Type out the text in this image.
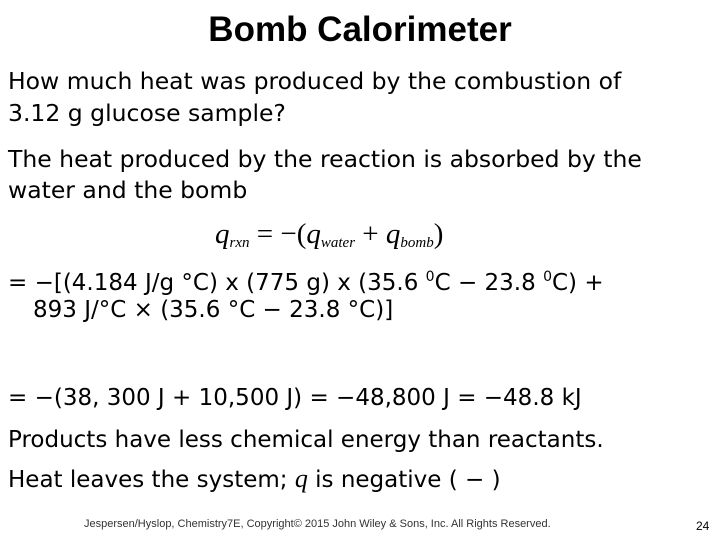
Bomb Calorimeter
How much heat was produced by the combustion of
3.12 g glucose sample?
The heat produced by the reaction is absorbed by the
water and the bomb
$q_{rxn} = -(q_{water} + q_{bomb})$
= −[(4.184 J/g °C) x (775 g) x (35.6 $^0$C − 23.8 $^0$C) +
893 J/°C × (35.6 °C − 23.8 °C)]
= −(38, 300 J + 10,500 J) = −48,800 J = −48.8 kJ
Products have less chemical energy than reactants.
Heat leaves the system; q is negative ( − )
Jespersen/Hyslop, Chemistry7E, Copyright© 2015 John Wiley & Sons, Inc. All Rights Reserved.	24
